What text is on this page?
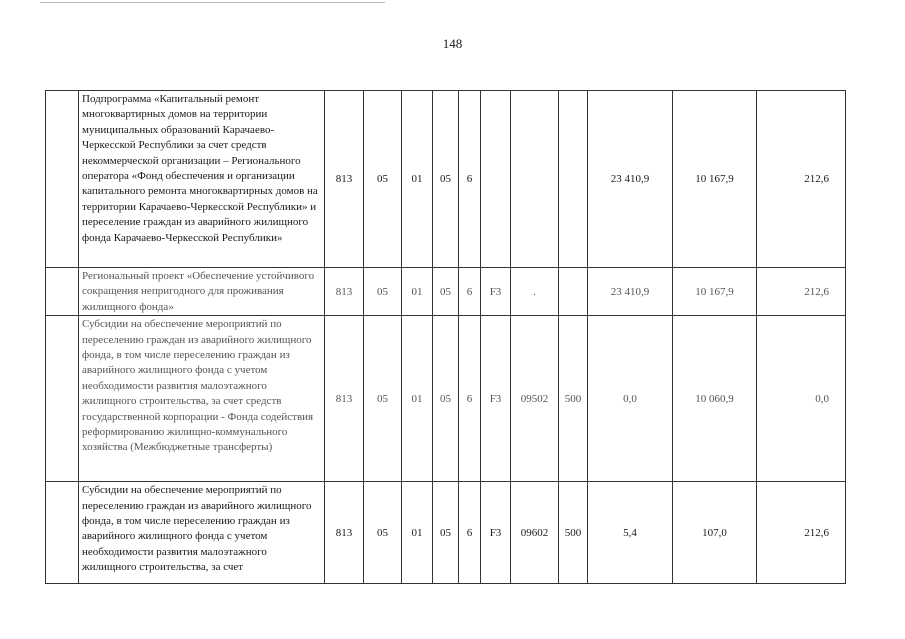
148
	Подпрограмма «Капитальный ремонт многоквартирных домов на территории муниципальных образований Карачаево-Черкесской Республики за счет средств некоммерческой организации – Регионального оператора «Фонд обеспечения и организации капитального ремонта многоквартирных домов на территории Карачаево-Черкесской Республики» и переселение граждан из аварийного жилищного фонда Карачаево-Черкесской Республики»	813	05	01	05	6				23 410,9	10 167,9	212,6
	Региональный проект «Обеспечение устойчивого сокращения непригодного для проживания жилищного фонда»	813	05	01	05	6	F3	.		23 410,9	10 167,9	212,6
	Субсидии на обеспечение мероприятий по переселению граждан из аварийного жилищного фонда, в том числе переселению граждан из аварийного жилищного фонда с учетом необходимости развития малоэтажного жилищного строительства, за счет средств государственной корпорации - Фонда содействия реформированию жилищно-коммунального хозяйства (Межбюджетные трансферты)	813	05	01	05	6	F3	09502	500	0,0	10 060,9	0,0
	Субсидии на обеспечение мероприятий по переселению граждан из аварийного жилищного фонда, в том числе переселению граждан из аварийного жилищного фонда с учетом необходимости развития малоэтажного жилищного строительства, за счет	813	05	01	05	6	F3	09602	500	5,4	107,0	212,6
